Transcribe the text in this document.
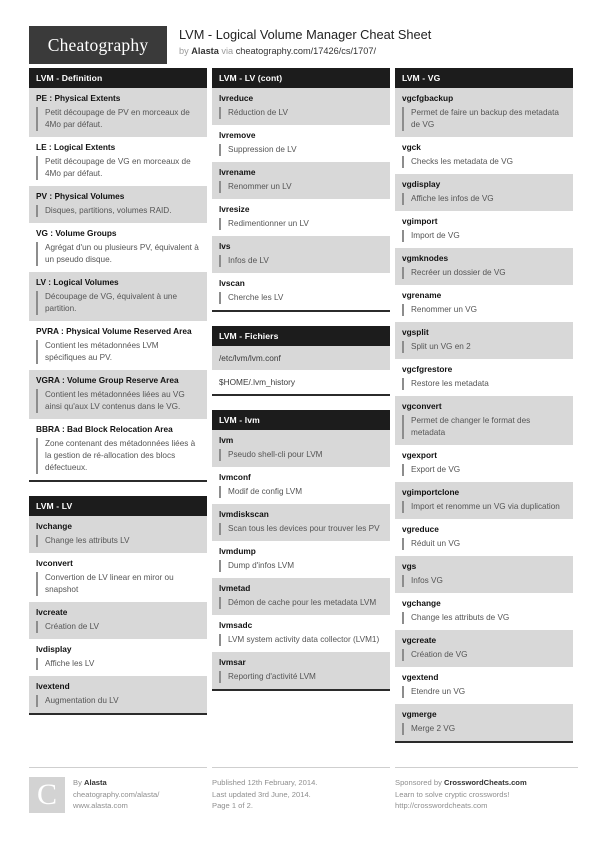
Cheatography LVM - Logical Volume Manager Cheat Sheet
by Alasta via cheatography.com/17426/cs/1707/
LVM - Definition
PE : Physical Extents
Petit découpage de PV en morceaux de 4Mo par défaut.
LE : Logical Extents
Petit découpage de VG en morceaux de 4Mo par défaut.
PV : Physical Volumes
Disques, partitions, volumes RAID.
VG : Volume Groups
Agrégat d'un ou plusieurs PV, équivalent à un pseudo disque.
LV : Logical Volumes
Découpage de VG, équivalent à une partition.
PVRA : Physical Volume Reserved Area
Contient les métadonnées LVM spécifiques au PV.
VGRA : Volume Group Reserve Area
Contient les métadonnées liées au VG ainsi qu'aux LV contenus dans le VG.
BBRA : Bad Block Relocation Area
Zone contenant des métadonnées liées à la gestion de ré-allocation des blocs défectueux.
LVM - LV
lvchange
Change les attributs LV
lvconvert
Convertion de LV linear en miror ou snapshot
lvcreate
Création de LV
lvdisplay
Affiche les LV
lvextend
Augmentation du LV
LVM - LV (cont)
lvreduce
Réduction de LV
lvremove
Suppression de LV
lvrename
Renommer un LV
lvresize
Redimentionner un LV
lvs
Infos de LV
lvscan
Cherche les LV
LVM - Fichiers
/etc/lvm/lvm.conf
$HOME/.lvm_history
LVM - lvm
lvm
Pseudo shell-cli pour LVM
lvmconf
Modif de config LVM
lvmdiskscan
Scan tous les devices pour trouver les PV
lvmdump
Dump d'infos LVM
lvmetad
Démon de cache pour les metadata LVM
lvmsadc
LVM system activity data collector (LVM1)
lvmsar
Reporting d'activité LVM
LVM - VG
vgcfgbackup
Permet de faire un backup des metadata de VG
vgck
Checks les metadata de VG
vgdisplay
Affiche les infos de VG
vgimport
Import de VG
vgmknodes
Recréer un dossier de VG
vgrename
Renommer un VG
vgsplit
Split un VG en 2
vgcfgrestore
Restore les metadata
vgconvert
Permet de changer le format des metadata
vgexport
Export de VG
vgimportclone
Import et renomme un VG via duplication
vgreduce
Réduit un VG
vgs
Infos VG
vgchange
Change les attributs de VG
vgcreate
Création de VG
vgextend
Etendre un VG
vgmerge
Merge 2 VG
C	By Alasta
cheatography.com/alasta/
www.alasta.com
Published 12th February, 2014.
Last updated 3rd June, 2014.
Page 1 of 2.
Sponsored by CrosswordCheats.com
Learn to solve cryptic crosswords!
http://crosswordcheats.com
